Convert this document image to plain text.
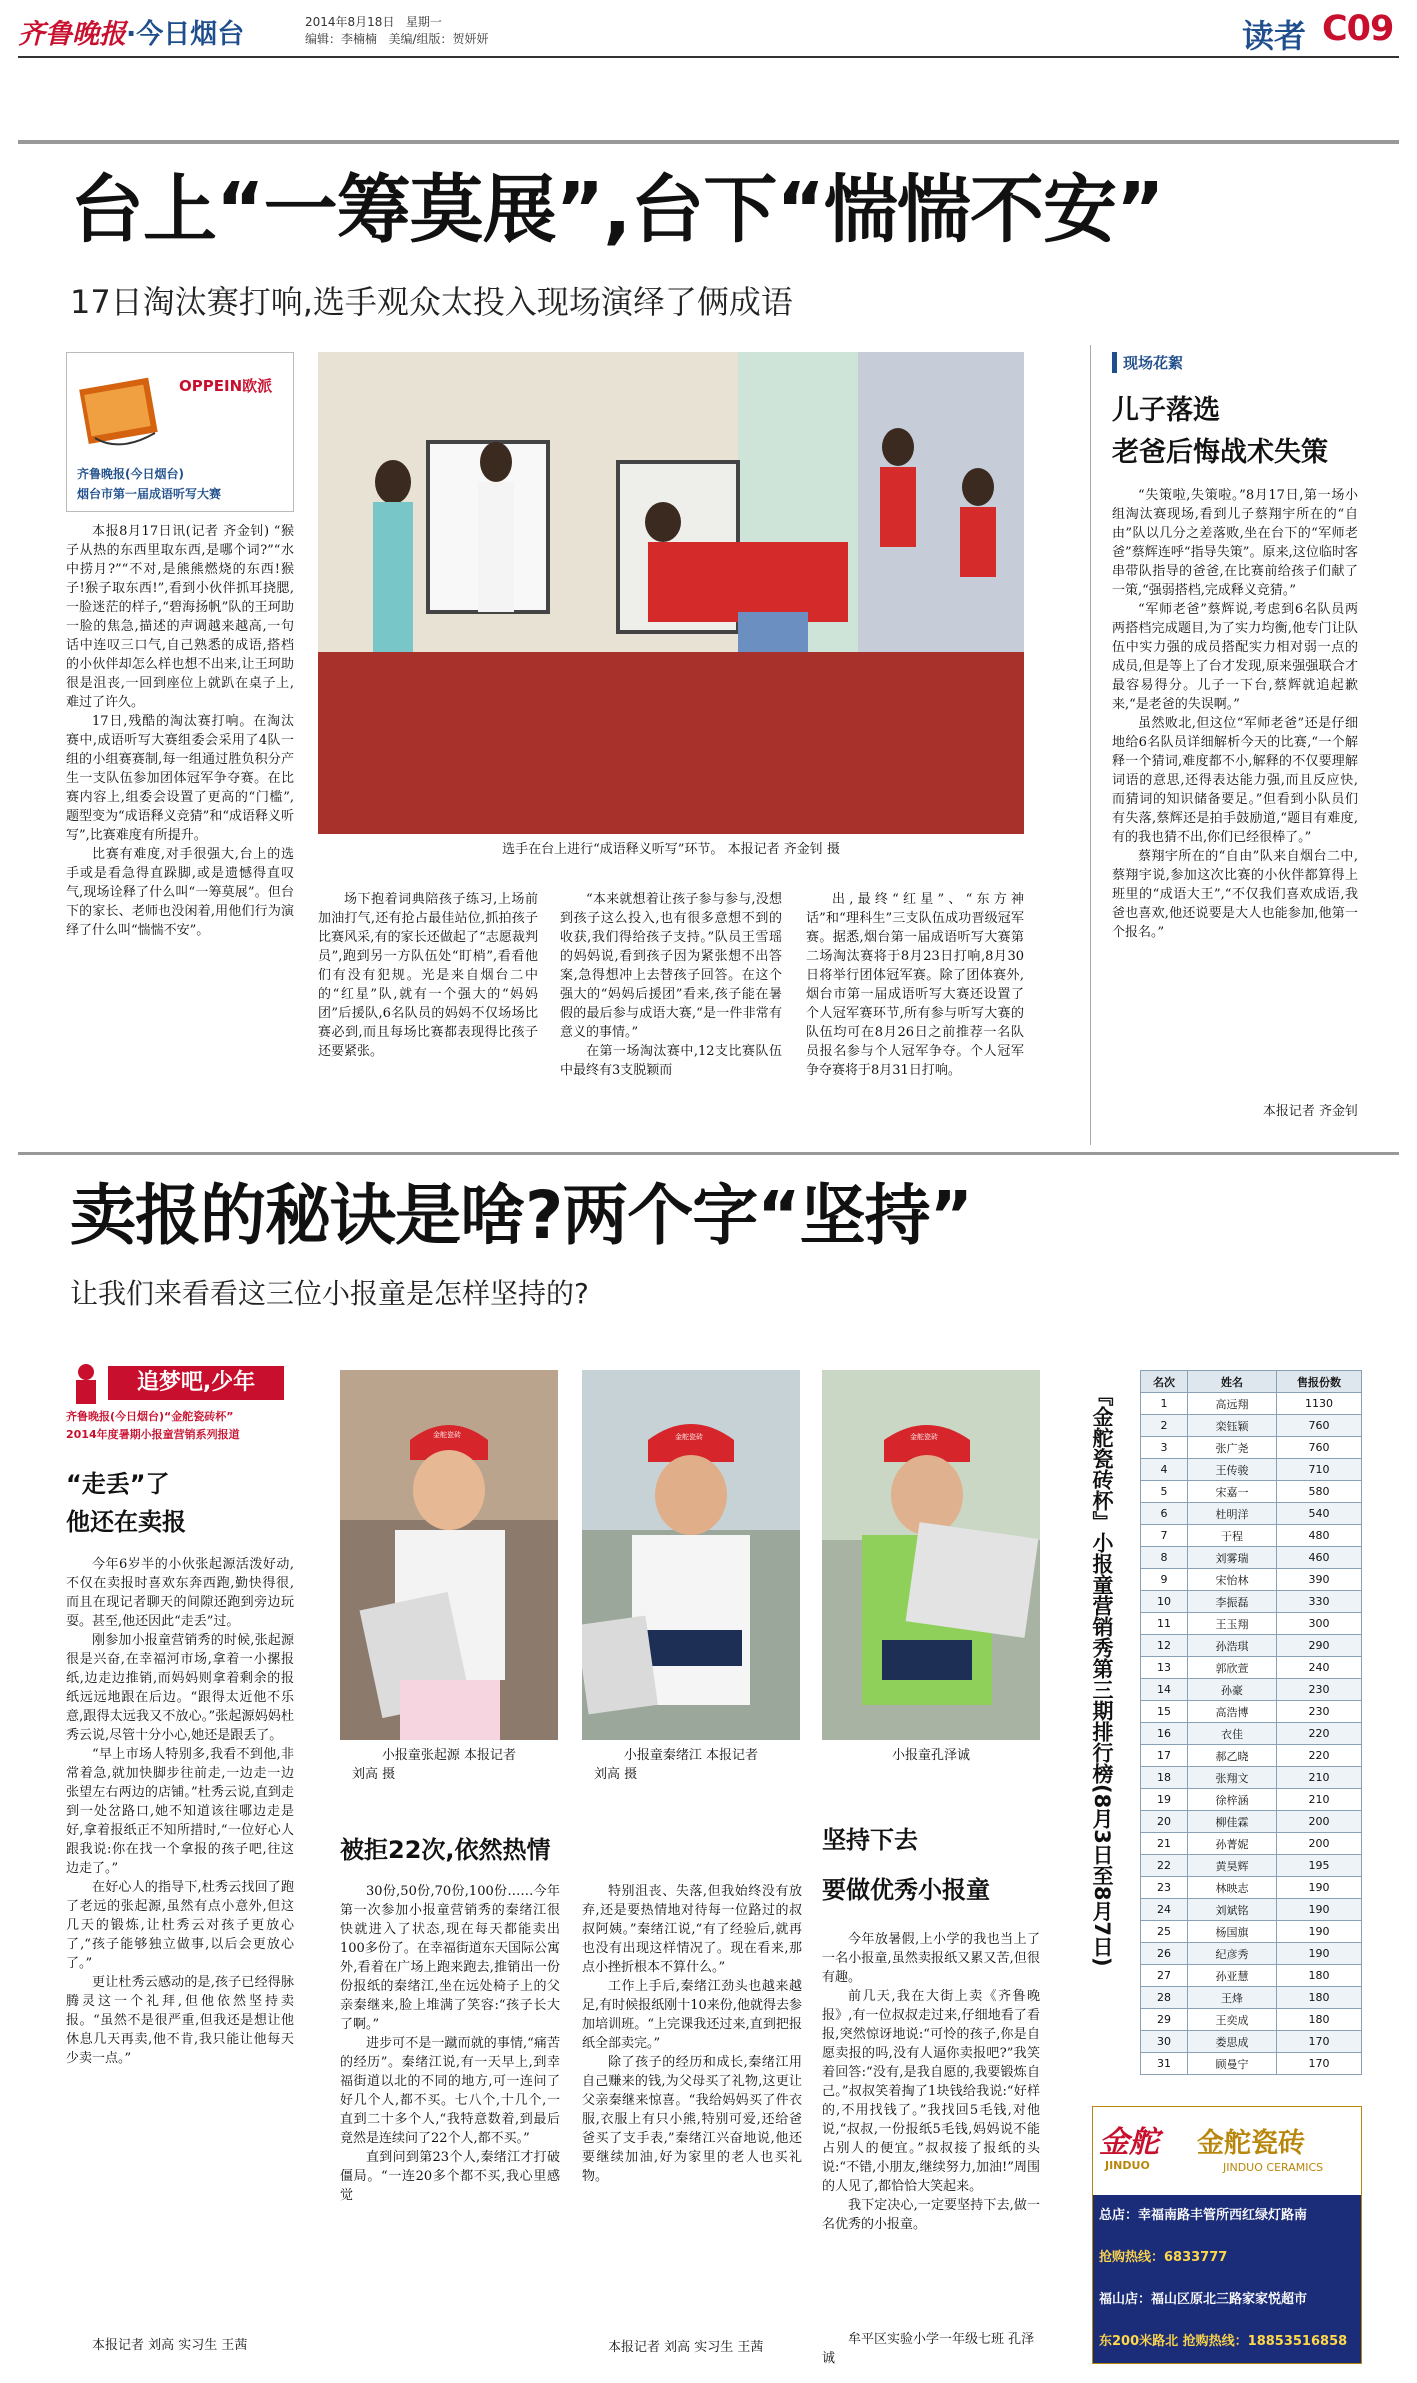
齐鲁晚报·今日烟台	2014年8月18日 星期一
编辑：李楠楠 美编/组版：贺妍妍	读者 C09
台上“一筹莫展”,台下“惴惴不安”
17日淘汰赛打响,选手观众太投入现场演绎了俩成语
OPPEIN欧派
齐鲁晚报(今日烟台)
烟台市第一届成语听写大赛
选手在台上进行“成语释义听写”环节。 本报记者 齐金钊 摄

本报8月17日讯(记者 齐金钊) “猴子从热的东西里取东西,是哪个词?”“水中捞月?”“不对,是熊熊燃烧的东西!猴子!猴子取东西!”,看到小伙伴抓耳挠腮,一脸迷茫的样子,“碧海扬帆”队的王珂助一脸的焦急,描述的声调越来越高,一句话中连叹三口气,自己熟悉的成语,搭档的小伙伴却怎么样也想不出来,让王珂助很是沮丧,一回到座位上就趴在桌子上,难过了许久。

17日,残酷的淘汰赛打响。在淘汰赛中,成语听写大赛组委会采用了4队一组的小组赛赛制,每一组通过胜负积分产生一支队伍参加团体冠军争夺赛。在比赛内容上,组委会设置了更高的“门槛”,题型变为“成语释义竞猜”和“成语释义听写”,比赛难度有所提升。

比赛有难度,对手很强大,台上的选手或是看急得直跺脚,或是遗憾得直叹气,现场诠释了什么叫“一筹莫展”。但台下的家长、老师也没闲着,用他们行为演绎了什么叫“惴惴不安”。

场下抱着词典陪孩子练习,上场前加油打气,还有抢占最佳站位,抓拍孩子比赛风采,有的家长还做起了“志愿裁判员”,跑到另一方队伍处“盯梢”,看看他们有没有犯规。光是来自烟台二中的“红星”队,就有一个强大的“妈妈团”后援队,6名队员的妈妈不仅场场比赛必到,而且每场比赛都表现得比孩子还要紧张。

“本来就想着让孩子参与参与,没想到孩子这么投入,也有很多意想不到的收获,我们得给孩子支持。”队员王雪瑶的妈妈说,看到孩子因为紧张想不出答案,急得想冲上去替孩子回答。在这个强大的“妈妈后援团”看来,孩子能在暑假的最后参与成语大赛,“是一件非常有意义的事情。”

在第一场淘汰赛中,12支比赛队伍中最终有3支脱颖而

出,最终“红星”、“东方神话”和“理科生”三支队伍成功晋级冠军赛。据悉,烟台第一届成语听写大赛第二场淘汰赛将于8月23日打响,8月30日将举行团体冠军赛。除了团体赛外,烟台市第一届成语听写大赛还设置了个人冠军赛环节,所有参与听写大赛的队伍均可在8月26日之前推荐一名队员报名参与个人冠军争夺。个人冠军争夺赛将于8月31日打响。

现场花絮
儿子落选
老爸后悔战术失策

“失策啦,失策啦。”8月17日,第一场小组淘汰赛现场,看到儿子蔡翔宇所在的“自由”队以几分之差落败,坐在台下的“军师老爸”蔡辉连呼“指导失策”。原来,这位临时客串带队指导的爸爸,在比赛前给孩子们献了一策,“强弱搭档,完成释义竞猜。”

“军师老爸”蔡辉说,考虑到6名队员两两搭档完成题目,为了实力均衡,他专门让队伍中实力强的成员搭配实力相对弱一点的成员,但是等上了台才发现,原来强强联合才最容易得分。儿子一下台,蔡辉就追起歉来,“是老爸的失误啊。”

虽然败北,但这位“军师老爸”还是仔细地给6名队员详细解析今天的比赛,“一个解释一个猜词,难度都不小,解释的不仅要理解词语的意思,还得表达能力强,而且反应快,而猜词的知识储备要足。”但看到小队员们有失落,蔡辉还是拍手鼓励道,“题目有难度,有的我也猜不出,你们已经很棒了。”

蔡翔宇所在的“自由”队来自烟台二中,蔡翔宇说,参加这次比赛的小伙伴都算得上班里的“成语大王”,“不仅我们喜欢成语,我爸也喜欢,他还说要是大人也能参加,他第一个报名。”

本报记者 齐金钊
卖报的秘诀是啥?两个字“坚持”
让我们来看看这三位小报童是怎样坚持的?
追梦吧,少年
齐鲁晚报(今日烟台)“金舵瓷砖杯”
2014年度暑期小报童营销系列报道
“走丢”了
他还在卖报

今年6岁半的小伙张起源活泼好动,不仅在卖报时喜欢东奔西跑,勤快得很,而且在现记者聊天的间隙还跑到旁边玩耍。甚至,他还因此“走丢”过。

刚参加小报童营销秀的时候,张起源很是兴奋,在幸福河市场,拿着一小摞报纸,边走边推销,而妈妈则拿着剩余的报纸远远地跟在后边。“跟得太近他不乐意,跟得太远我又不放心。”张起源妈妈杜秀云说,尽管十分小心,她还是跟丢了。

“早上市场人特别多,我看不到他,非常着急,就加快脚步往前走,一边走一边张望左右两边的店铺。”杜秀云说,直到走到一处岔路口,她不知道该往哪边走是好,拿着报纸正不知所措时,“一位好心人跟我说:你在找一个拿报的孩子吧,往这边走了。”

在好心人的指导下,杜秀云找回了跑了老远的张起源,虽然有点小意外,但这几天的锻炼,让杜秀云对孩子更放心了,“孩子能够独立做事,以后会更放心了。”

更让杜秀云感动的是,孩子已经得脉腾灵这一个礼拜,但他依然坚持卖报。“虽然不是很严重,但我还是想让他休息几天再卖,他不肯,我只能让他每天少卖一点。”

本报记者 刘高 实习生 王茜
金舵瓷砖
小报童张起源 本报记者
刘高 摄
金舵瓷砖
小报童秦绪江 本报记者
刘高 摄
金舵瓷砖
小报童孔泽诚
被拒22次,依然热情

30份,50份,70份,100份……今年第一次参加小报童营销秀的秦绪江很快就进入了状态,现在每天都能卖出100多份了。在幸福街道东天国际公寓外,看着在广场上跑来跑去,推销出一份份报纸的秦绪江,坐在远处椅子上的父亲秦继来,脸上堆满了笑容:“孩子长大了啊。”

进步可不是一蹴而就的事情,“痛苦的经历”。秦绪江说,有一天早上,到幸福街道以北的不同的地方,可一连问了好几个人,都不买。七八个,十几个,一直到二十多个人,“我特意数着,到最后竟然是连续问了22个人,都不买。”

直到问到第23个人,秦绪江才打破僵局。“一连20多个都不买,我心里感觉

特别沮丧、失落,但我始终没有放弃,还是要热情地对待每一位路过的叔叔阿姨。”秦绪江说,“有了经验后,就再也没有出现这样情况了。现在看来,那点小挫折根本不算什么。”

工作上手后,秦绪江劲头也越来越足,有时候报纸刚十10来份,他就得去参加培训班。“上完课我还过来,直到把报纸全部卖完。”

除了孩子的经历和成长,秦绪江用自己赚来的钱,为父母买了礼物,这更让父亲秦继来惊喜。“我给妈妈买了件衣服,衣服上有只小熊,特别可爱,还给爸爸买了支手表,”秦绪江兴奋地说,他还要继续加油,好为家里的老人也买礼物。

本报记者 刘高 实习生 王茜
坚持下去
要做优秀小报童

今年放暑假,上小学的我也当上了一名小报童,虽然卖报纸又累又苦,但很有趣。

前几天,我在大街上卖《齐鲁晚报》,有一位叔叔走过来,仔细地看了看报,突然惊讶地说:“可怜的孩子,你是自愿卖报的吗,没有人逼你卖报吧?”我笑着回答:“没有,是我自愿的,我要锻炼自己。”叔叔笑着掏了1块钱给我说:“好样的,不用找钱了。”我找回5毛钱,对他说,“叔叔,一份报纸5毛钱,妈妈说不能占别人的便宜。”叔叔接了报纸的头说:“不错,小朋友,继续努力,加油!”周围的人见了,都恰恰大笑起来。

我下定决心,一定要坚持下去,做一名优秀的小报童。

牟平区实验小学一年级七班 孔泽诚
『金舵瓷砖杯』小报童营销秀第三期排行榜(8月3日至8月7日)
名次	姓名	售报份数
1	高远翔	1130
2	栾钰颖	760
3	张广尧	760
4	王传骏	710
5	宋嘉一	580
6	杜明洋	540
7	于程	480
8	刘雾瑞	460
9	宋怡林	390
10	李振磊	330
11	王玉翔	300
12	孙浩琪	290
13	郭欣萱	240
14	孙豪	230
15	高浩博	230
16	衣佳	220
17	郝乙晓	220
18	张翔文	210
19	徐梓涵	210
20	柳佳霖	200
21	孙菁妮	200
22	黄昊辉	195
23	林映志	190
24	刘斌铭	190
25	杨国旗	190
26	纪彦秀	190
27	孙亚慧	180
28	王烽	180
29	王奕成	180
30	娄思成	170
31	顾曼宁	170
金舵
JINDUO
金舵瓷砖
JINDUO CERAMICS
总店：幸福南路丰管所西红绿灯路南
抢购热线：6833777
福山店：福山区原北三路家家悦超市
东200米路北 抢购热线：18853516858
